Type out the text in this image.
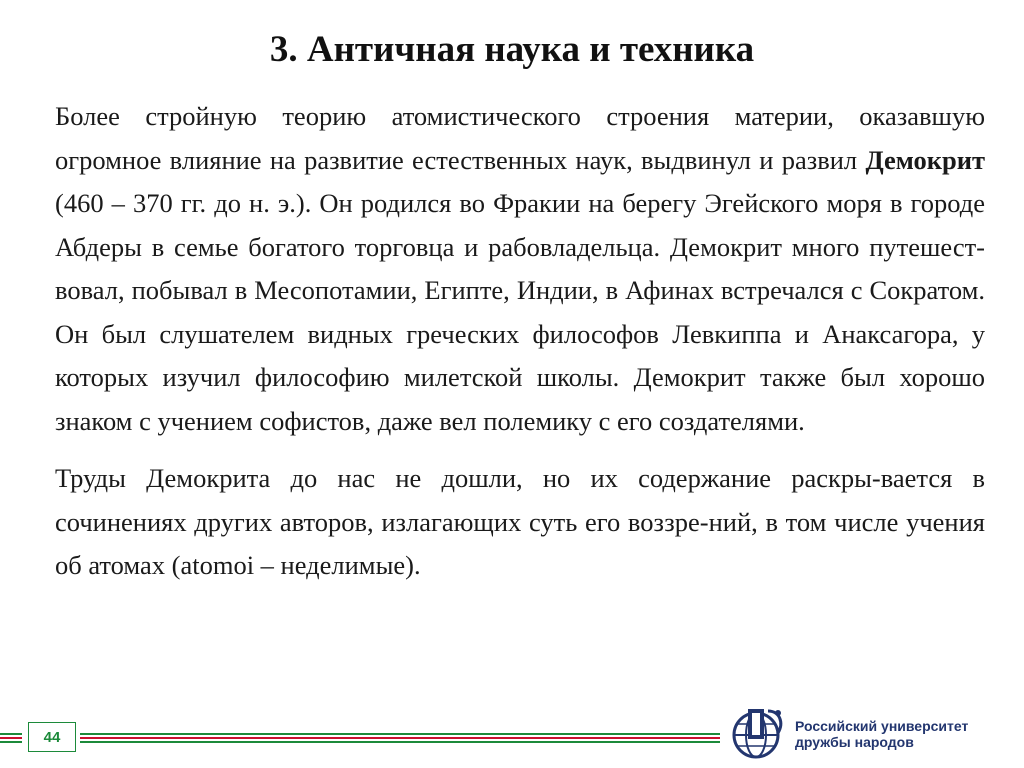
3. Античная наука и техника

Более стройную теорию атомистического строения материи, оказавшую огромное влияние на развитие естественных наук, выдвинул и развил Демокрит (460 – 370 гг. до н. э.). Он родился во Фракии на берегу Эгейского моря в городе Абдеры в семье богатого торговца и рабовладельца. Демокрит много путешест-вовал, побывал в Месопотамии, Египте, Индии, в Афинах встречался с Сократом. Он был слушателем видных греческих философов Левкиппа и Анаксагора, у которых изучил философию милетской школы. Демокрит также был хорошо знаком с учением софистов, даже вел полемику с его создателями.

Труды Демокрита до нас не дошли, но их содержание раскры-вается в сочинениях других авторов, излагающих суть его воззре-ний, в том числе учения об атомах (atomoi – неделимые).

44
Российский университет
дружбы народов
